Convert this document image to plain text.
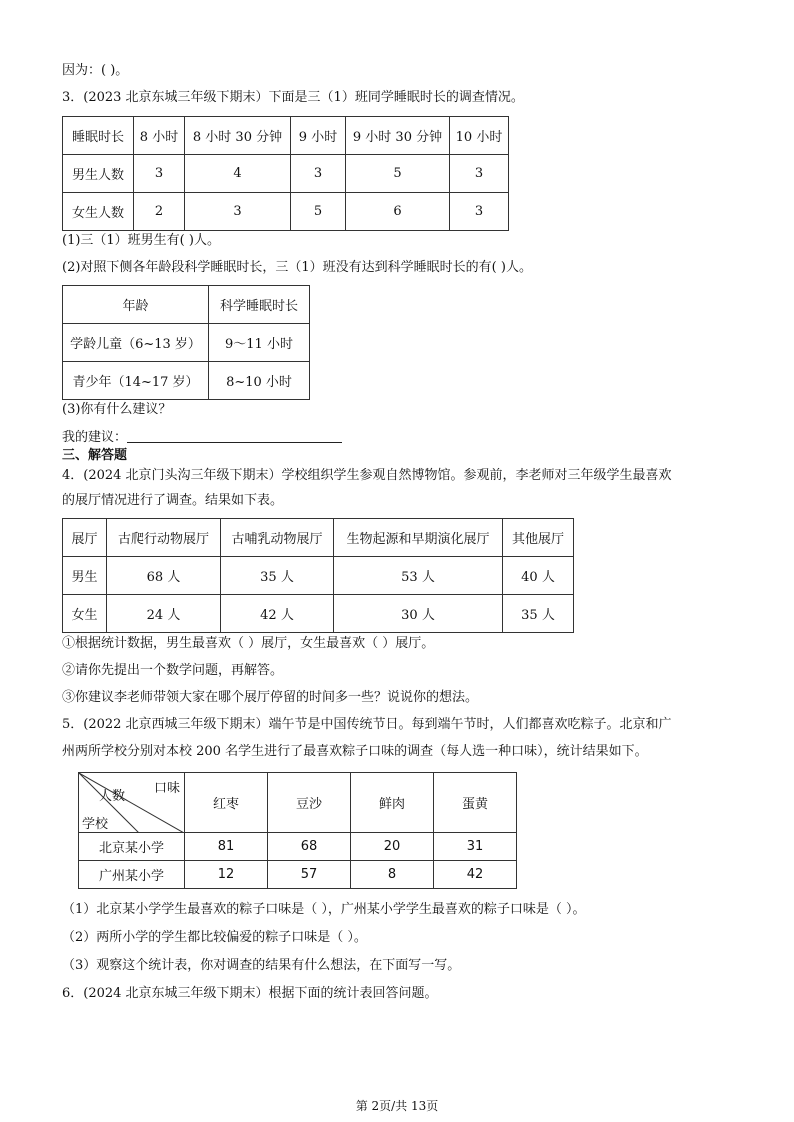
因为：( )。
3．(2023 北京东城三年级下期末）下面是三（1）班同学睡眠时长的调查情况。
睡眠时长	8 小时	8 小时 30 分钟	9 小时	9 小时 30 分钟	10 小时
男生人数	3	4	3	5	3
女生人数	2	3	5	6	3
(1)三（1）班男生有( )人。
(2)对照下侧各年龄段科学睡眠时长，三（1）班没有达到科学睡眠时长的有( )人。
年龄	科学睡眠时长
学龄儿童（6~13 岁）	9～11 小时
青少年（14~17 岁）	8~10 小时
(3)你有什么建议？
我的建议：
三、解答题
4．(2024 北京门头沟三年级下期末）学校组织学生参观自然博物馆。参观前，李老师对三年级学生最喜欢
的展厅情况进行了调查。结果如下表。
展厅	古爬行动物展厅	古哺乳动物展厅	生物起源和早期演化展厅	其他展厅
男生	68 人	35 人	53 人	40 人
女生	24 人	42 人	30 人	35 人
①根据统计数据，男生最喜欢（ ）展厅，女生最喜欢（ ）展厅。
②请你先提出一个数学问题，再解答。
③你建议李老师带领大家在哪个展厅停留的时间多一些？说说你的想法。
5．(2022 北京西城三年级下期末）端午节是中国传统节日。每到端午节时，人们都喜欢吃粽子。北京和广
州两所学校分别对本校 200 名学生进行了最喜欢粽子口味的调查（每人选一种口味），统计结果如下。
口味
人数
学校	红枣	豆沙	鲜肉	蛋黄
北京某小学	81	68	20	31
广州某小学	12	57	8	42
（1）北京某小学学生最喜欢的粽子口味是（ ），广州某小学学生最喜欢的粽子口味是（ ）。
（2）两所小学的学生都比较偏爱的粽子口味是（ ）。
（3）观察这个统计表，你对调查的结果有什么想法，在下面写一写。
6．(2024 北京东城三年级下期末）根据下面的统计表回答问题。
第 2页/共 13页
